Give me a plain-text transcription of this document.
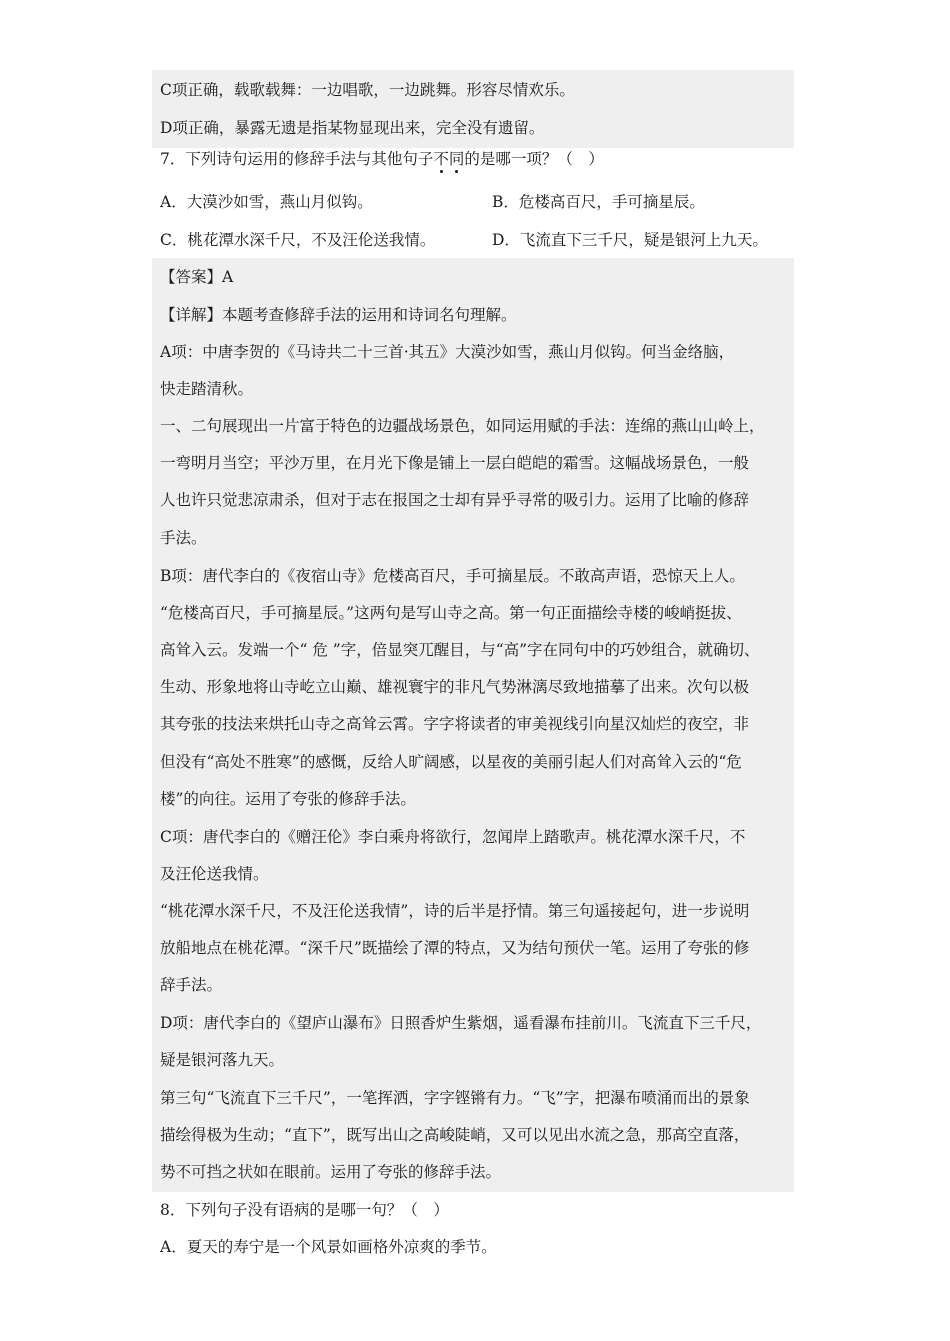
C项正确，载歌载舞：一边唱歌，一边跳舞。形容尽情欢乐。
D项正确，暴露无遗是指某物显现出来，完全没有遗留。
7．下列诗句运用的修辞手法与其他句子不同的是哪一项？（　）
A．大漠沙如雪，燕山月似钩。	B．危楼高百尺，手可摘星辰。
C．桃花潭水深千尺，不及汪伦送我情。	D．飞流直下三千尺，疑是银河上九天。
【答案】A
【详解】本题考查修辞手法的运用和诗词名句理解。
A项：中唐李贺的《马诗共二十三首·其五》大漠沙如雪，燕山月似钩。何当金络脑，
快走踏清秋。
一、二句展现出一片富于特色的边疆战场景色，如同运用赋的手法：连绵的燕山山岭上，
一弯明月当空；平沙万里，在月光下像是铺上一层白皑皑的霜雪。这幅战场景色，一般
人也许只觉悲凉肃杀，但对于志在报国之士却有异乎寻常的吸引力。运用了比喻的修辞
手法。
B项：唐代李白的《夜宿山寺》危楼高百尺，手可摘星辰。不敢高声语，恐惊天上人。
“危楼高百尺，手可摘星辰。”这两句是写山寺之高。第一句正面描绘寺楼的峻峭挺拔、
高耸入云。发端一个“ 危 ”字，倍显突兀醒目，与“高”字在同句中的巧妙组合，就确切、
生动、形象地将山寺屹立山巅、雄视寰宇的非凡气势淋漓尽致地描摹了出来。次句以极
其夸张的技法来烘托山寺之高耸云霄。字字将读者的审美视线引向星汉灿烂的夜空，非
但没有“高处不胜寒”的感慨，反给人旷阔感，以星夜的美丽引起人们对高耸入云的“危
楼”的向往。运用了夸张的修辞手法。
C项：唐代李白的《赠汪伦》李白乘舟将欲行，忽闻岸上踏歌声。桃花潭水深千尺，不
及汪伦送我情。
“桃花潭水深千尺，不及汪伦送我情”，诗的后半是抒情。第三句遥接起句，进一步说明
放船地点在桃花潭。“深千尺”既描绘了潭的特点，又为结句预伏一笔。运用了夸张的修
辞手法。
D项：唐代李白的《望庐山瀑布》日照香炉生紫烟，遥看瀑布挂前川。飞流直下三千尺，
疑是银河落九天。
第三句“飞流直下三千尺”，一笔挥洒，字字铿锵有力。“飞”字，把瀑布喷涌而出的景象
描绘得极为生动；“直下”，既写出山之高峻陡峭，又可以见出水流之急，那高空直落，
势不可挡之状如在眼前。运用了夸张的修辞手法。
8．下列句子没有语病的是哪一句？（　）
A．夏天的寿宁是一个风景如画格外凉爽的季节。
